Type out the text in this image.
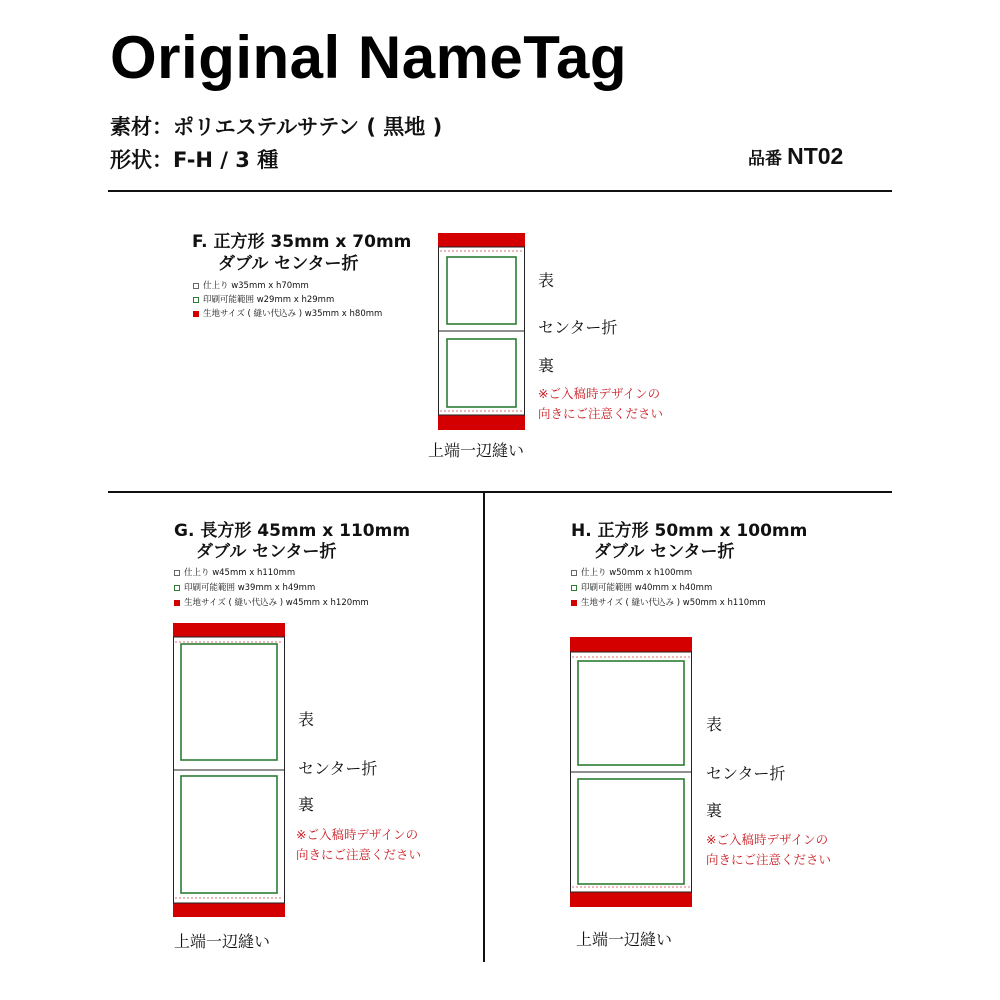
Original NameTag
素材：ポリエステルサテン ( 黒地 )
形状：F-H / 3 種	品番 NT02
F. 正方形 35mm x 70mm
ダブル センター折
仕上り w35mm x h70mm
印刷可能範囲 w29mm x h29mm
生地サイズ ( 縫い代込み ) w35mm x h80mm
表
センター折
裏
※ご入稿時デザインの
向きにご注意ください
上端一辺縫い
G. 長方形 45mm x 110mm
ダブル センター折
仕上り w45mm x h110mm
印刷可能範囲 w39mm x h49mm
生地サイズ ( 縫い代込み ) w45mm x h120mm
表
センター折
裏
※ご入稿時デザインの
向きにご注意ください
上端一辺縫い
H. 正方形 50mm x 100mm
ダブル センター折
仕上り w50mm x h100mm
印刷可能範囲 w40mm x h40mm
生地サイズ ( 縫い代込み ) w50mm x h110mm
表
センター折
裏
※ご入稿時デザインの
向きにご注意ください
上端一辺縫い
